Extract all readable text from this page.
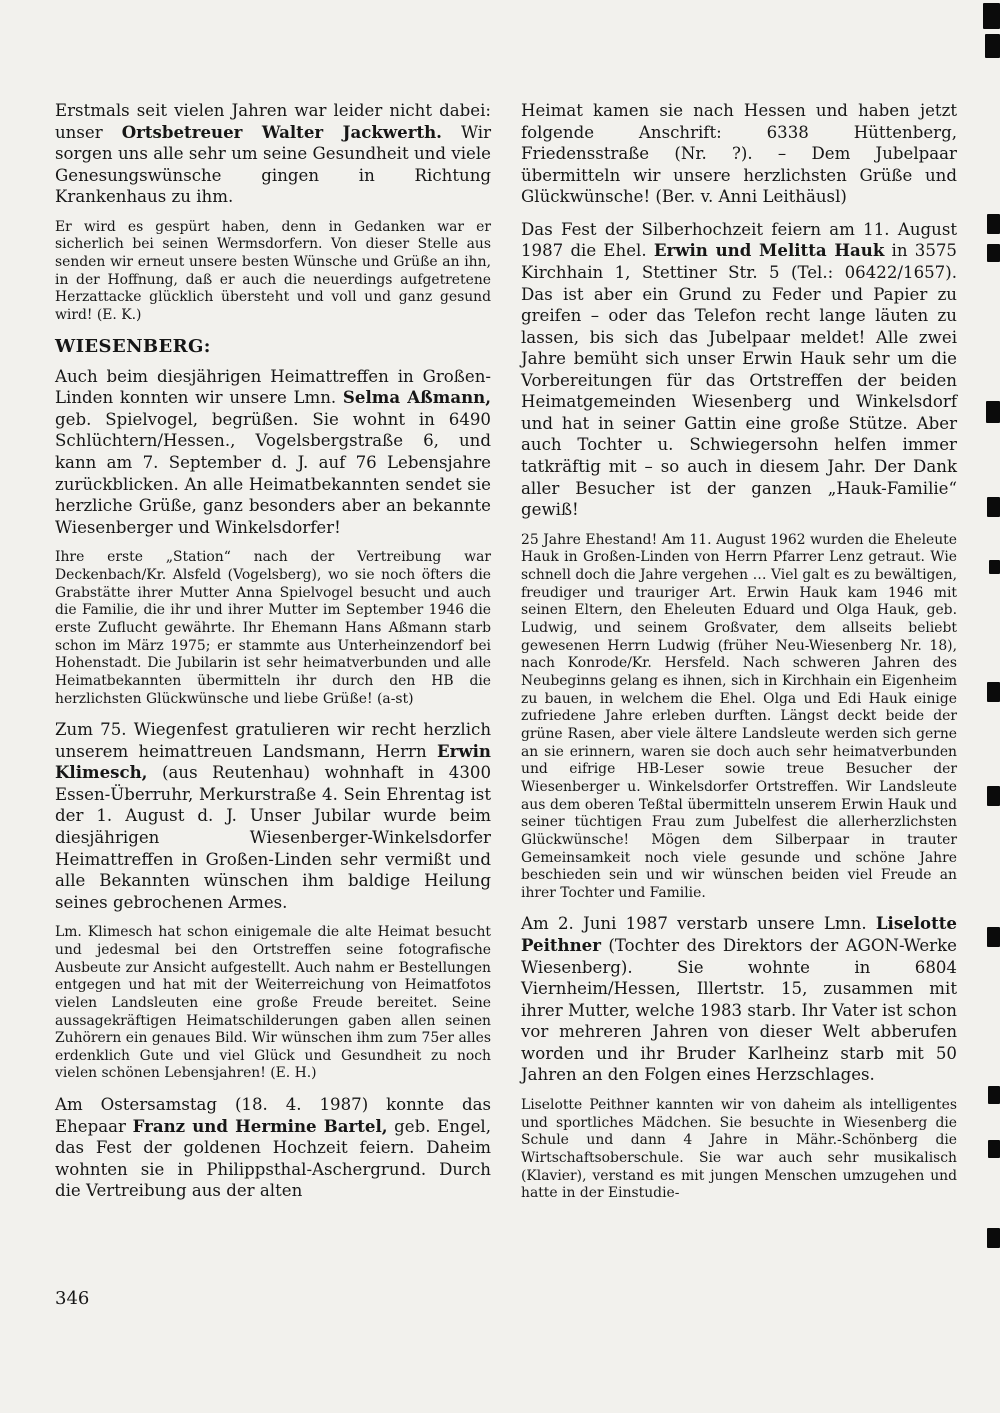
Erstmals seit vielen Jahren war leider nicht dabei: unser Ortsbetreuer Walter Jackwerth. Wir sorgen uns alle sehr um seine Gesundheit und viele Genesungswünsche gingen in Richtung Krankenhaus zu ihm.

Er wird es gespürt haben, denn in Gedanken war er sicherlich bei seinen Wermsdorfern. Von dieser Stelle aus senden wir erneut unsere besten Wünsche und Grüße an ihn, in der Hoffnung, daß er auch die neuerdings aufgetretene Herzattacke glücklich übersteht und voll und ganz gesund wird! (E. K.)

WIESENBERG:

Auch beim diesjährigen Heimattreffen in Großen-Linden konnten wir unsere Lmn. Selma Aßmann, geb. Spielvogel, begrüßen. Sie wohnt in 6490 Schlüchtern/Hessen., Vogelsbergstraße 6, und kann am 7. September d. J. auf 76 Lebensjahre zurückblicken. An alle Heimatbekannten sendet sie herzliche Grüße, ganz besonders aber an bekannte Wiesenberger und Winkelsdorfer!

Ihre erste „Station“ nach der Vertreibung war Deckenbach/Kr. Alsfeld (Vogelsberg), wo sie noch öfters die Grabstätte ihrer Mutter Anna Spielvogel besucht und auch die Familie, die ihr und ihrer Mutter im September 1946 die erste Zuflucht gewährte. Ihr Ehemann Hans Aßmann starb schon im März 1975; er stammte aus Unterheinzendorf bei Hohenstadt. Die Jubilarin ist sehr heimatverbunden und alle Heimatbekannten übermitteln ihr durch den HB die herzlichsten Glückwünsche und liebe Grüße! (a-st)

Zum 75. Wiegenfest gratulieren wir recht herzlich unserem heimattreuen Landsmann, Herrn Erwin Klimesch, (aus Reutenhau) wohnhaft in 4300 Essen-Überruhr, Merkurstraße 4. Sein Ehrentag ist der 1. August d. J. Unser Jubilar wurde beim diesjährigen Wiesenberger-Winkelsdorfer Heimattreffen in Großen-Linden sehr vermißt und alle Bekannten wünschen ihm baldige Heilung seines gebrochenen Armes.

Lm. Klimesch hat schon einigemale die alte Heimat besucht und jedesmal bei den Ortstreffen seine fotografische Ausbeute zur Ansicht aufgestellt. Auch nahm er Bestellungen entgegen und hat mit der Weiterreichung von Heimatfotos vielen Landsleuten eine große Freude bereitet. Seine aussagekräftigen Heimatschilderungen gaben allen seinen Zuhörern ein genaues Bild. Wir wünschen ihm zum 75er alles erdenklich Gute und viel Glück und Gesundheit zu noch vielen schönen Lebensjahren! (E. H.)

Am Ostersamstag (18. 4. 1987) konnte das Ehepaar Franz und Hermine Bartel, geb. Engel, das Fest der goldenen Hochzeit feiern. Daheim wohnten sie in Philippsthal-Aschergrund. Durch die Vertreibung aus der alten

Heimat kamen sie nach Hessen und haben jetzt folgende Anschrift: 6338 Hüttenberg, Friedensstraße (Nr. ?). – Dem Jubelpaar übermitteln wir unsere herzlichsten Grüße und Glückwünsche! (Ber. v. Anni Leithäusl)

Das Fest der Silberhochzeit feiern am 11. August 1987 die Ehel. Erwin und Melitta Hauk in 3575 Kirchhain 1, Stettiner Str. 5 (Tel.: 06422/1657). Das ist aber ein Grund zu Feder und Papier zu greifen – oder das Telefon recht lange läuten zu lassen, bis sich das Jubelpaar meldet! Alle zwei Jahre bemüht sich unser Erwin Hauk sehr um die Vorbereitungen für das Ortstreffen der beiden Heimatgemeinden Wiesenberg und Winkelsdorf und hat in seiner Gattin eine große Stütze. Aber auch Tochter u. Schwiegersohn helfen immer tatkräftig mit – so auch in diesem Jahr. Der Dank aller Besucher ist der ganzen „Hauk-Familie“ gewiß!

25 Jahre Ehestand! Am 11. August 1962 wurden die Eheleute Hauk in Großen-Linden von Herrn Pfarrer Lenz getraut. Wie schnell doch die Jahre vergehen … Viel galt es zu bewältigen, freudiger und trauriger Art. Erwin Hauk kam 1946 mit seinen Eltern, den Eheleuten Eduard und Olga Hauk, geb. Ludwig, und seinem Großvater, dem allseits beliebt gewesenen Herrn Ludwig (früher Neu-Wiesenberg Nr. 18), nach Konrode/Kr. Hersfeld. Nach schweren Jahren des Neubeginns gelang es ihnen, sich in Kirchhain ein Eigenheim zu bauen, in welchem die Ehel. Olga und Edi Hauk einige zufriedene Jahre erleben durften. Längst deckt beide der grüne Rasen, aber viele ältere Landsleute werden sich gerne an sie erinnern, waren sie doch auch sehr heimatverbunden und eifrige HB-Leser sowie treue Besucher der Wiesenberger u. Winkelsdorfer Ortstreffen. Wir Landsleute aus dem oberen Teßtal übermitteln unserem Erwin Hauk und seiner tüchtigen Frau zum Jubelfest die allerherzlichsten Glückwünsche! Mögen dem Silberpaar in trauter Gemeinsamkeit noch viele gesunde und schöne Jahre beschieden sein und wir wünschen beiden viel Freude an ihrer Tochter und Familie.

Am 2. Juni 1987 verstarb unsere Lmn. Liselotte Peithner (Tochter des Direktors der AGON-Werke Wiesenberg). Sie wohnte in 6804 Viernheim/Hessen, Illertstr. 15, zusammen mit ihrer Mutter, welche 1983 starb. Ihr Vater ist schon vor mehreren Jahren von dieser Welt abberufen worden und ihr Bruder Karlheinz starb mit 50 Jahren an den Folgen eines Herzschlages.

Liselotte Peithner kannten wir von daheim als intelligentes und sportliches Mädchen. Sie besuchte in Wiesenberg die Schule und dann 4 Jahre in Mähr.-Schönberg die Wirtschaftsoberschule. Sie war auch sehr musikalisch (Klavier), verstand es mit jungen Menschen umzugehen und hatte in der Einstudie-

346
